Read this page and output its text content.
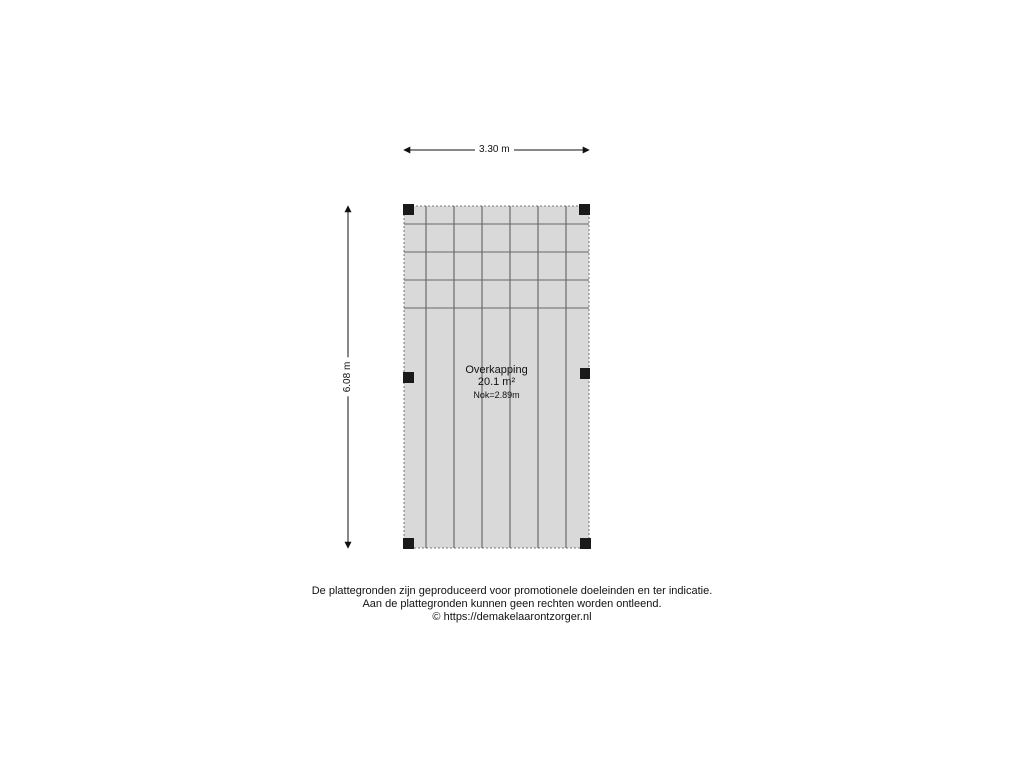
3.30 m
6.08 m	Overkapping
20.1 m²
Nok=2.89m
De plattegronden zijn geproduceerd voor promotionele doeleinden en ter indicatie.
Aan de plattegronden kunnen geen rechten worden ontleend.
© https://demakelaarontzorger.nl
